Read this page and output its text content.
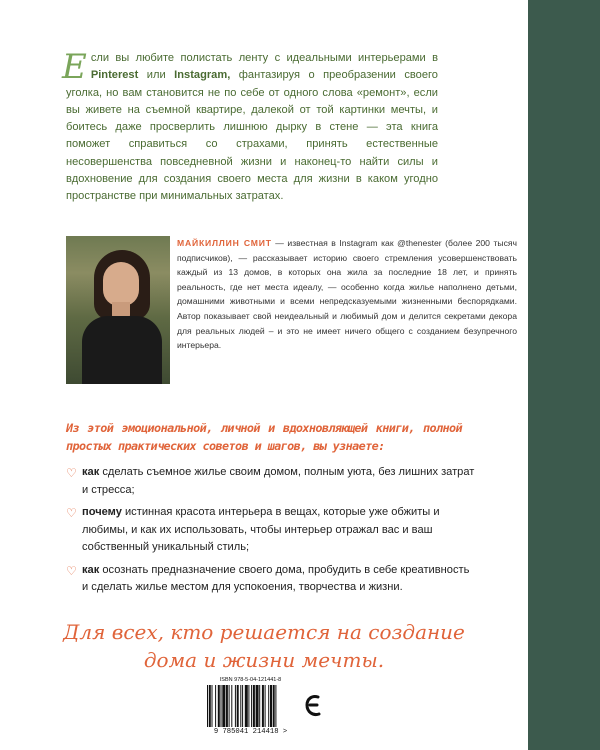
Если вы любите полистать ленту с идеальными интерьерами в Pinterest или Instagram, фантазируя о преобразении своего уголка, но вам становится не по себе от одного слова «ремонт», если вы живете на съемной квартире, далекой от той картинки мечты, и боитесь даже просверлить лишнюю дырку в стене — эта книга поможет справиться со страхами, принять естественные несовершенства повседневной жизни и наконец-то найти силы и вдохновение для создания своего места для жизни в каком угодно пространстве при минимальных затратах.
МАЙКИЛЛИН СМИТ — известная в Instagram как @thenester (более 200 тысяч подписчиков), — рассказывает историю своего стремления усовершенствовать каждый из 13 домов, в которых она жила за последние 18 лет, и принять реальность, где нет места идеалу, — особенно когда жилье наполнено детьми, домашними животными и всеми непредсказуемыми жизненными беспорядками. Автор показывает свой неидеальный и любимый дом и делится секретами декора для реальных людей – и это не имеет ничего общего с созданием безупречного интерьера.
Из этой эмоциональной, личной и вдохновляющей книги, полной простых практических советов и шагов, вы узнаете:
♡ как сделать съемное жилье своим домом, полным уюта, без лишних затрат и стресса;
♡ почему истинная красота интерьера в вещах, которые уже обжиты и любимы, и как их использовать, чтобы интерьер отражал вас и ваш собственный уникальный стиль;
♡ как осознать предназначение своего дома, пробудить в себе креативность и сделать жилье местом для успокоения, творчества и жизни.
Для всех, кто решается на создание
дома и жизни мечты.
ISBN 978-5-04-121441-8
9 785041 214418 >
